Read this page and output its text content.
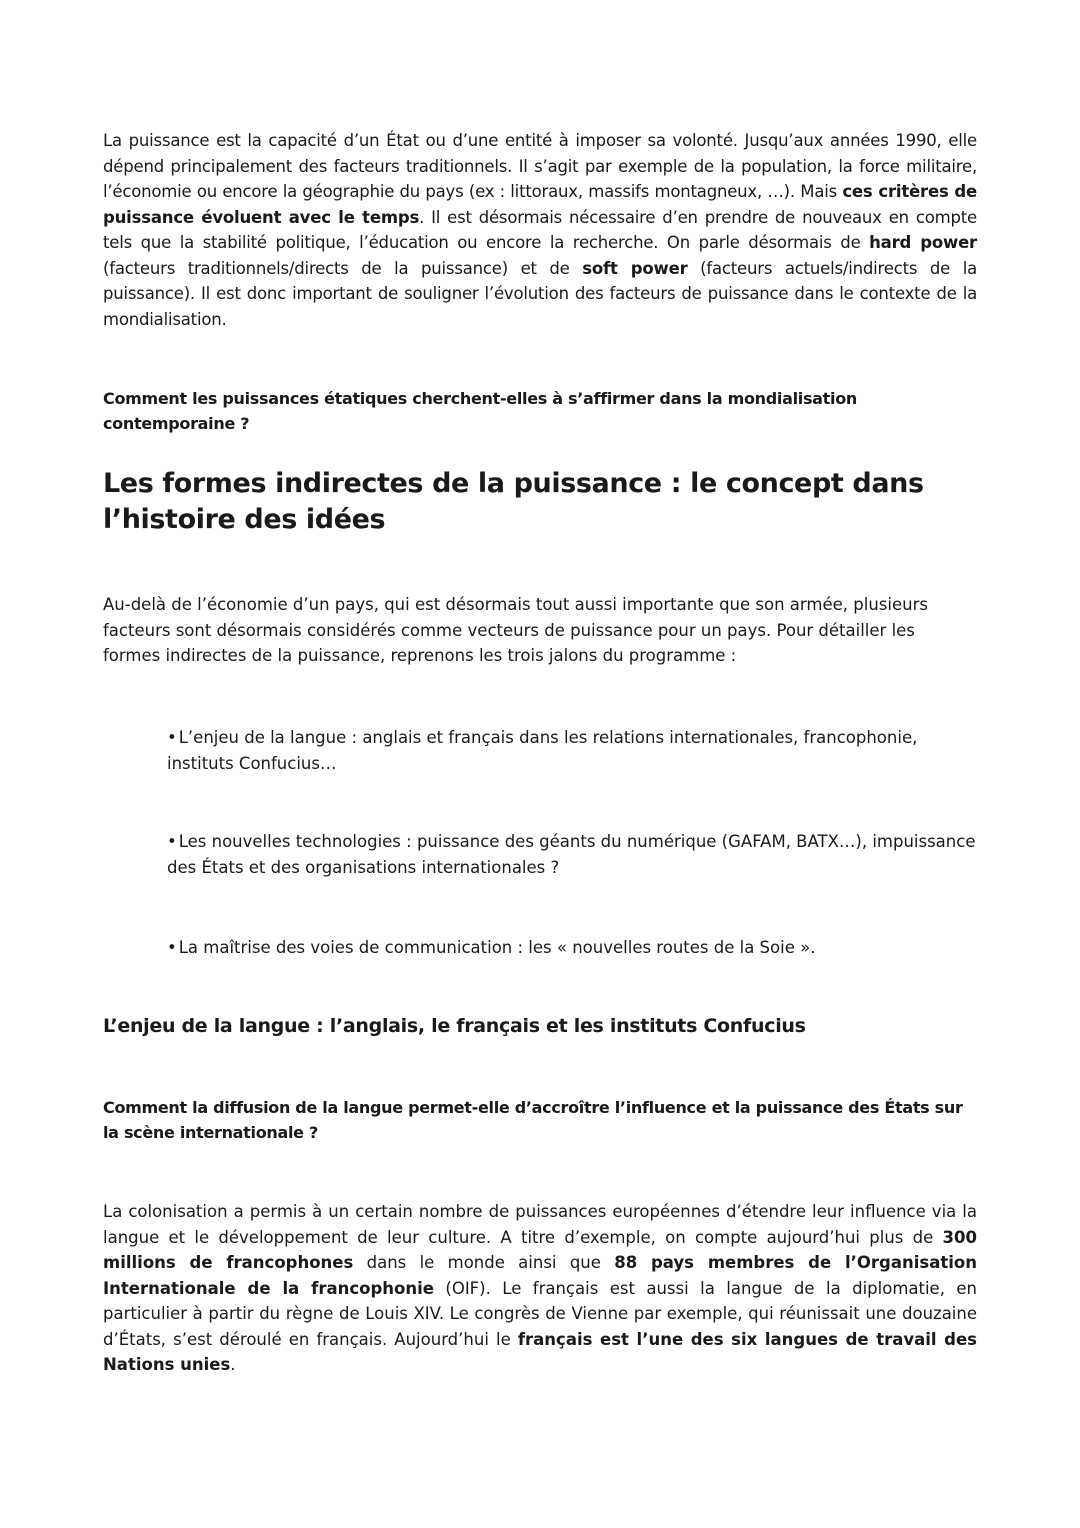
La puissance est la capacité d’un État ou d’une entité à imposer sa volonté. Jusqu’aux années 1990, elle dépend principalement des facteurs traditionnels. Il s’agit par exemple de la population, la force militaire, l’économie ou encore la géographie du pays (ex : littoraux, massifs montagneux, …). Mais ces critères de puissance évoluent avec le temps. Il est désormais nécessaire d’en prendre de nouveaux en compte tels que la stabilité politique, l’éducation ou encore la recherche. On parle désormais de hard power (facteurs traditionnels/directs de la puissance) et de soft power (facteurs actuels/indirects de la puissance). Il est donc important de souligner l’évolution des facteurs de puissance dans le contexte de la mondialisation.

Comment les puissances étatiques cherchent-elles à s’affirmer dans la mondialisation contemporaine ?

Les formes indirectes de la puissance : le concept dans l’histoire des idées

Au-delà de l’économie d’un pays, qui est désormais tout aussi importante que son armée, plusieurs facteurs sont désormais considérés comme vecteurs de puissance pour un pays. Pour détailler les formes indirectes de la puissance, reprenons les trois jalons du programme :

• L’enjeu de la langue : anglais et français dans les relations internationales, francophonie, instituts Confucius…

• Les nouvelles technologies : puissance des géants du numérique (GAFAM, BATX…), impuissance des États et des organisations internationales ?

• La maîtrise des voies de communication : les « nouvelles routes de la Soie ».

L’enjeu de la langue : l’anglais, le français et les instituts Confucius

Comment la diffusion de la langue permet-elle d’accroître l’influence et la puissance des États sur la scène internationale ?

La colonisation a permis à un certain nombre de puissances européennes d’étendre leur influence via la langue et le développement de leur culture. A titre d’exemple, on compte aujourd’hui plus de 300 millions de francophones dans le monde ainsi que 88 pays membres de l’Organisation Internationale de la francophonie (OIF). Le français est aussi la langue de la diplomatie, en particulier à partir du règne de Louis XIV. Le congrès de Vienne par exemple, qui réunissait une douzaine d’États, s’est déroulé en français. Aujourd’hui le français est l’une des six langues de travail des Nations unies.
